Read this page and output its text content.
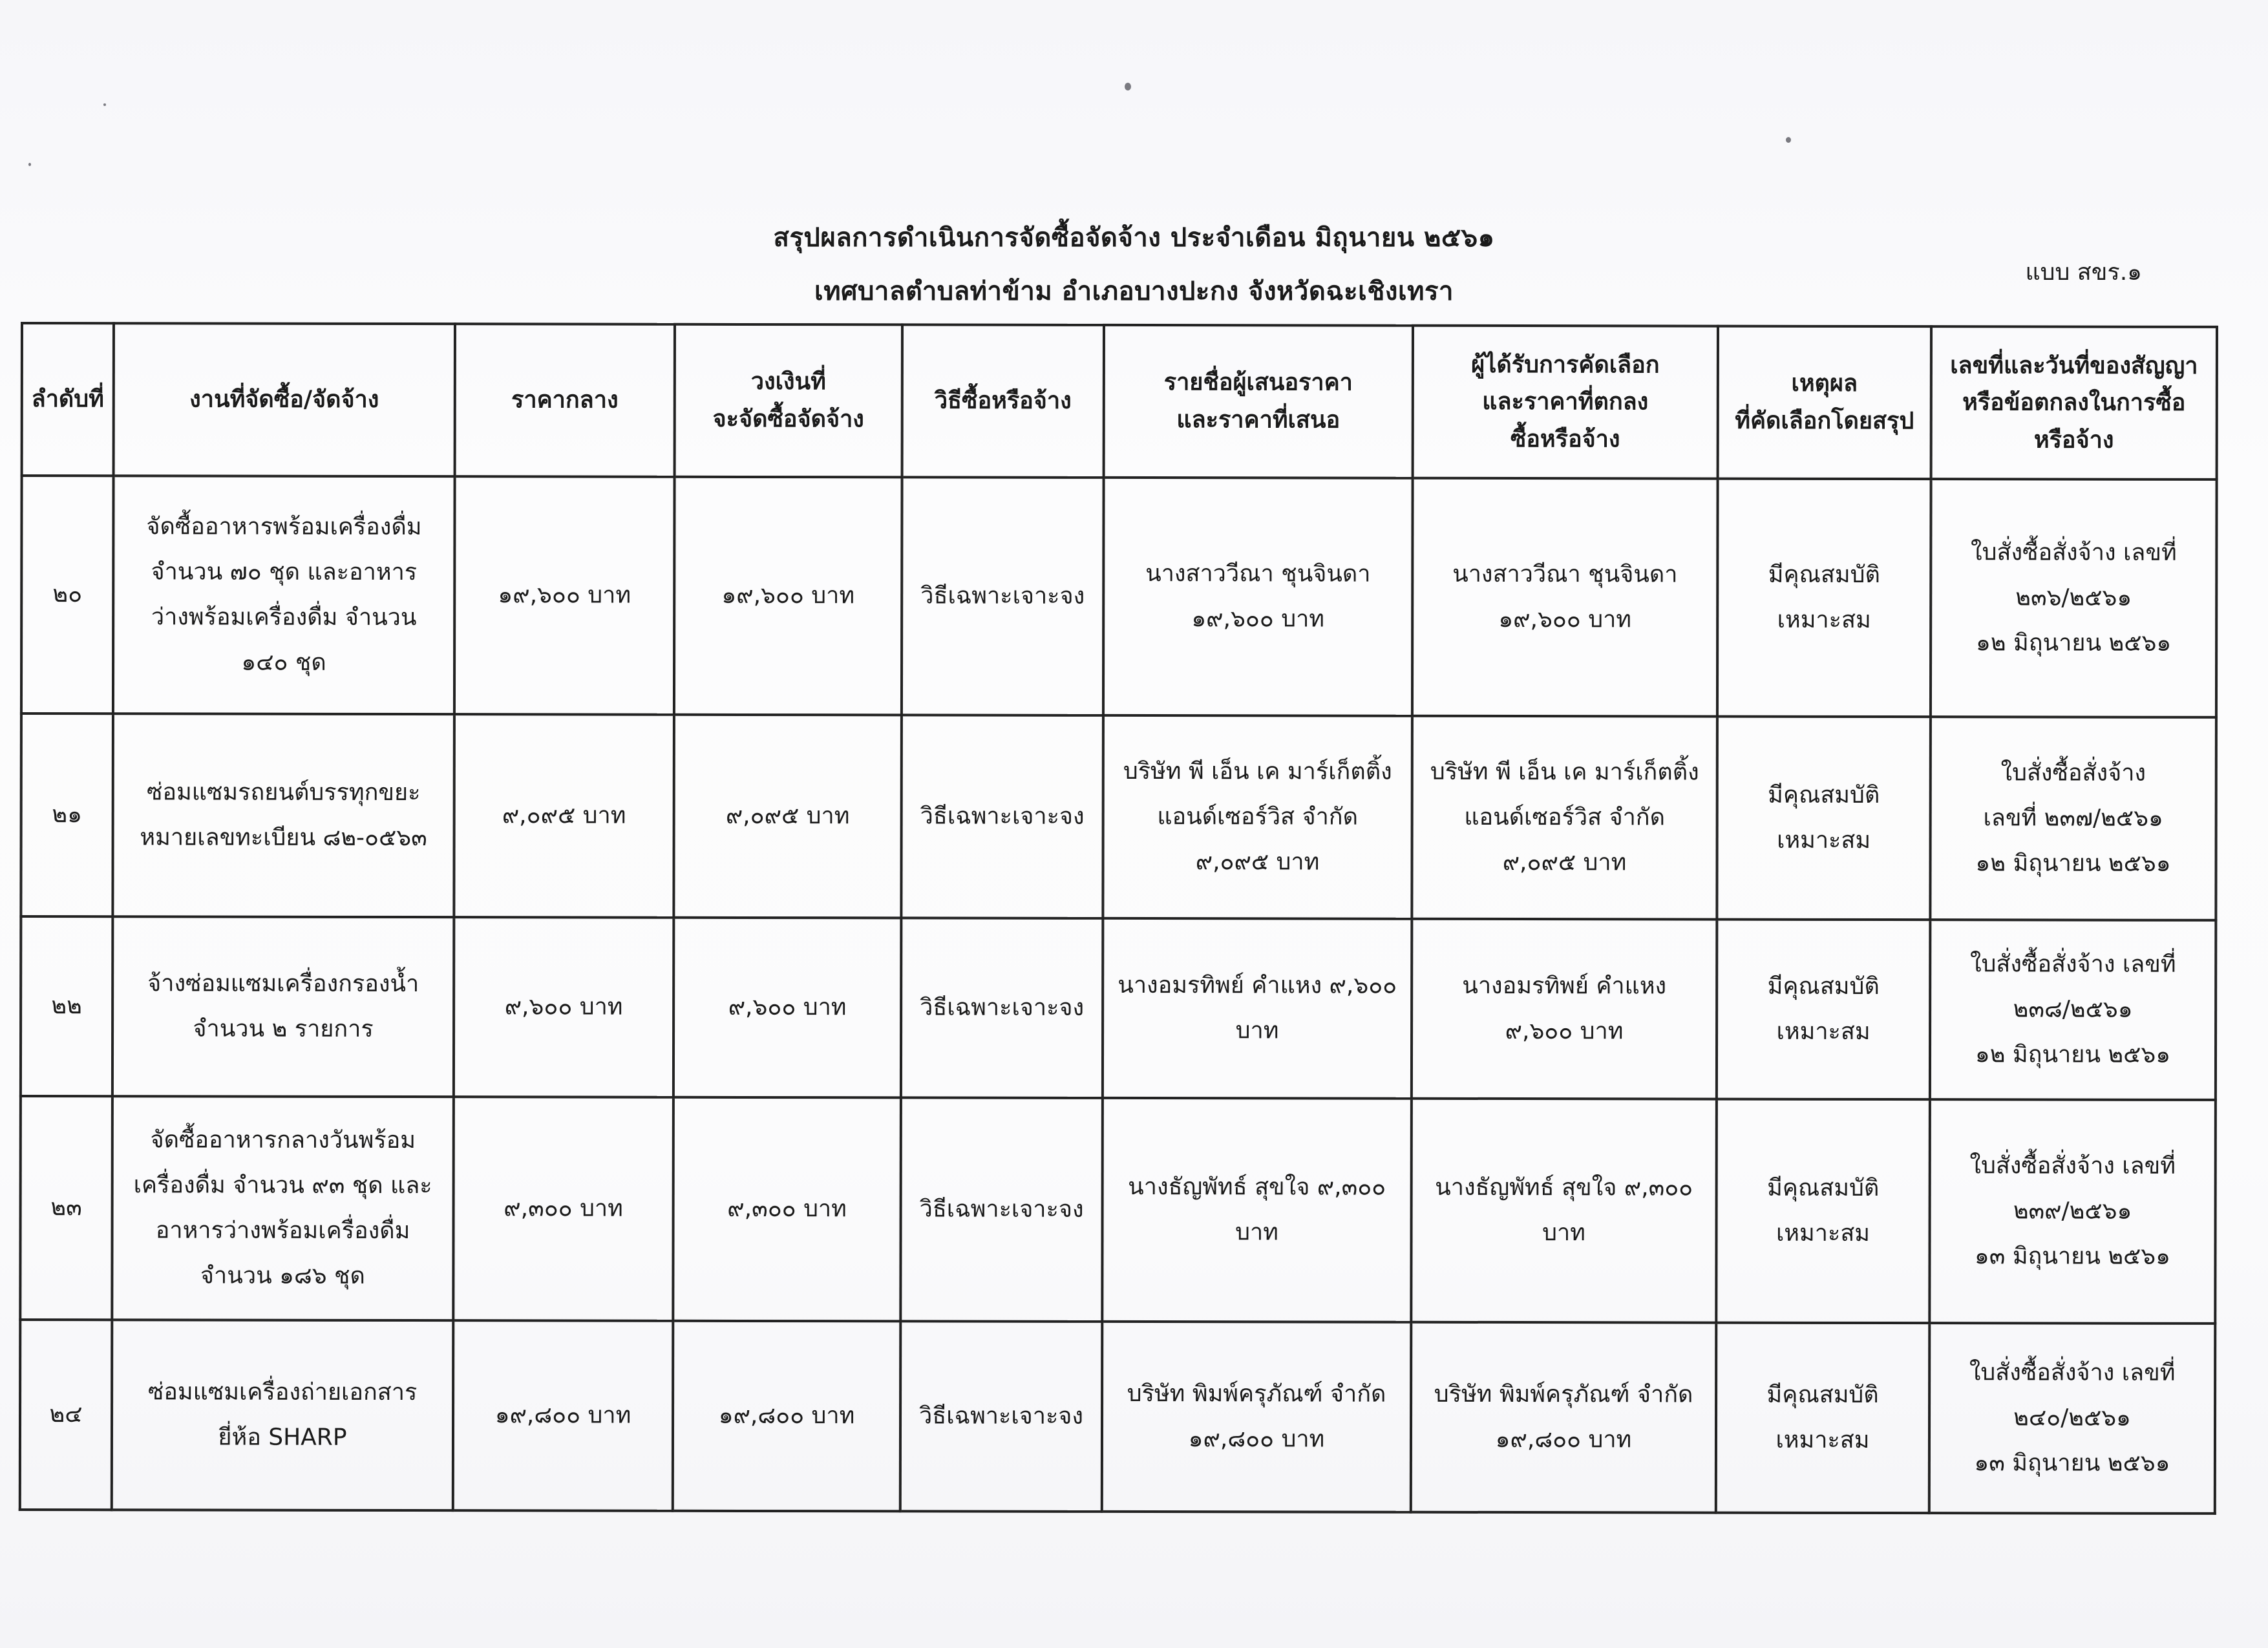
สรุปผลการดำเนินการจัดซื้อจัดจ้าง ประจำเดือน มิถุนายน ๒๕๖๑
เทศบาลตำบลท่าข้าม อำเภอบางปะกง จังหวัดฉะเชิงเทรา
แบบ สขร.๑
ลำดับที่	งานที่จัดซื้อ/จัดจ้าง	ราคากลาง	วงเงินที่
จะจัดซื้อจัดจ้าง	วิธีซื้อหรือจ้าง	รายชื่อผู้เสนอราคา
และราคาที่เสนอ	ผู้ได้รับการคัดเลือก
และราคาที่ตกลง
ซื้อหรือจ้าง	เหตุผล
ที่คัดเลือกโดยสรุป	เลขที่และวันที่ของสัญญา
หรือข้อตกลงในการซื้อ
หรือจ้าง

๒๐	จัดซื้ออาหารพร้อมเครื่องดื่ม
จำนวน ๗๐ ชุด และอาหาร
ว่างพร้อมเครื่องดื่ม จำนวน
๑๔๐ ชุด	๑๙,๖๐๐ บาท	๑๙,๖๐๐ บาท	วิธีเฉพาะเจาะจง	นางสาววีณา ชุนจินดา
๑๙,๖๐๐ บาท	นางสาววีณา ชุนจินดา
๑๙,๖๐๐ บาท	มีคุณสมบัติ
เหมาะสม	ใบสั่งซื้อสั่งจ้าง เลขที่
๒๓๖/๒๕๖๑
๑๒ มิถุนายน ๒๕๖๑

๒๑	ซ่อมแซมรถยนต์บรรทุกขยะ
หมายเลขทะเบียน ๘๒-๐๕๖๓	๙,๐๙๕ บาท	๙,๐๙๕ บาท	วิธีเฉพาะเจาะจง	บริษัท พี เอ็น เค มาร์เก็ตติ้ง
แอนด์เซอร์วิส จำกัด
๙,๐๙๕ บาท	บริษัท พี เอ็น เค มาร์เก็ตติ้ง
แอนด์เซอร์วิส จำกัด
๙,๐๙๕ บาท	มีคุณสมบัติ
เหมาะสม	ใบสั่งซื้อสั่งจ้าง
เลขที่ ๒๓๗/๒๕๖๑
๑๒ มิถุนายน ๒๕๖๑

๒๒	จ้างซ่อมแซมเครื่องกรองน้ำ
จำนวน ๒ รายการ	๙,๖๐๐ บาท	๙,๖๐๐ บาท	วิธีเฉพาะเจาะจง	นางอมรทิพย์ คำแหง ๙,๖๐๐
บาท	นางอมรทิพย์ คำแหง
๙,๖๐๐ บาท	มีคุณสมบัติ
เหมาะสม	ใบสั่งซื้อสั่งจ้าง เลขที่
๒๓๘/๒๕๖๑
๑๒ มิถุนายน ๒๕๖๑

๒๓	จัดซื้ออาหารกลางวันพร้อม
เครื่องดื่ม จำนวน ๙๓ ชุด และ
อาหารว่างพร้อมเครื่องดื่ม
จำนวน ๑๘๖ ชุด	๙,๓๐๐ บาท	๙,๓๐๐ บาท	วิธีเฉพาะเจาะจง	นางธัญพัทธ์ สุขใจ ๙,๓๐๐
บาท	นางธัญพัทธ์ สุขใจ ๙,๓๐๐
บาท	มีคุณสมบัติ
เหมาะสม	ใบสั่งซื้อสั่งจ้าง เลขที่
๒๓๙/๒๕๖๑
๑๓ มิถุนายน ๒๕๖๑

๒๔	ซ่อมแซมเครื่องถ่ายเอกสาร
ยี่ห้อ SHARP	๑๙,๘๐๐ บาท	๑๙,๘๐๐ บาท	วิธีเฉพาะเจาะจง	บริษัท พิมพ์ครุภัณฑ์ จำกัด
๑๙,๘๐๐ บาท	บริษัท พิมพ์ครุภัณฑ์ จำกัด
๑๙,๘๐๐ บาท	มีคุณสมบัติ
เหมาะสม	ใบสั่งซื้อสั่งจ้าง เลขที่
๒๔๐/๒๕๖๑
๑๓ มิถุนายน ๒๕๖๑
